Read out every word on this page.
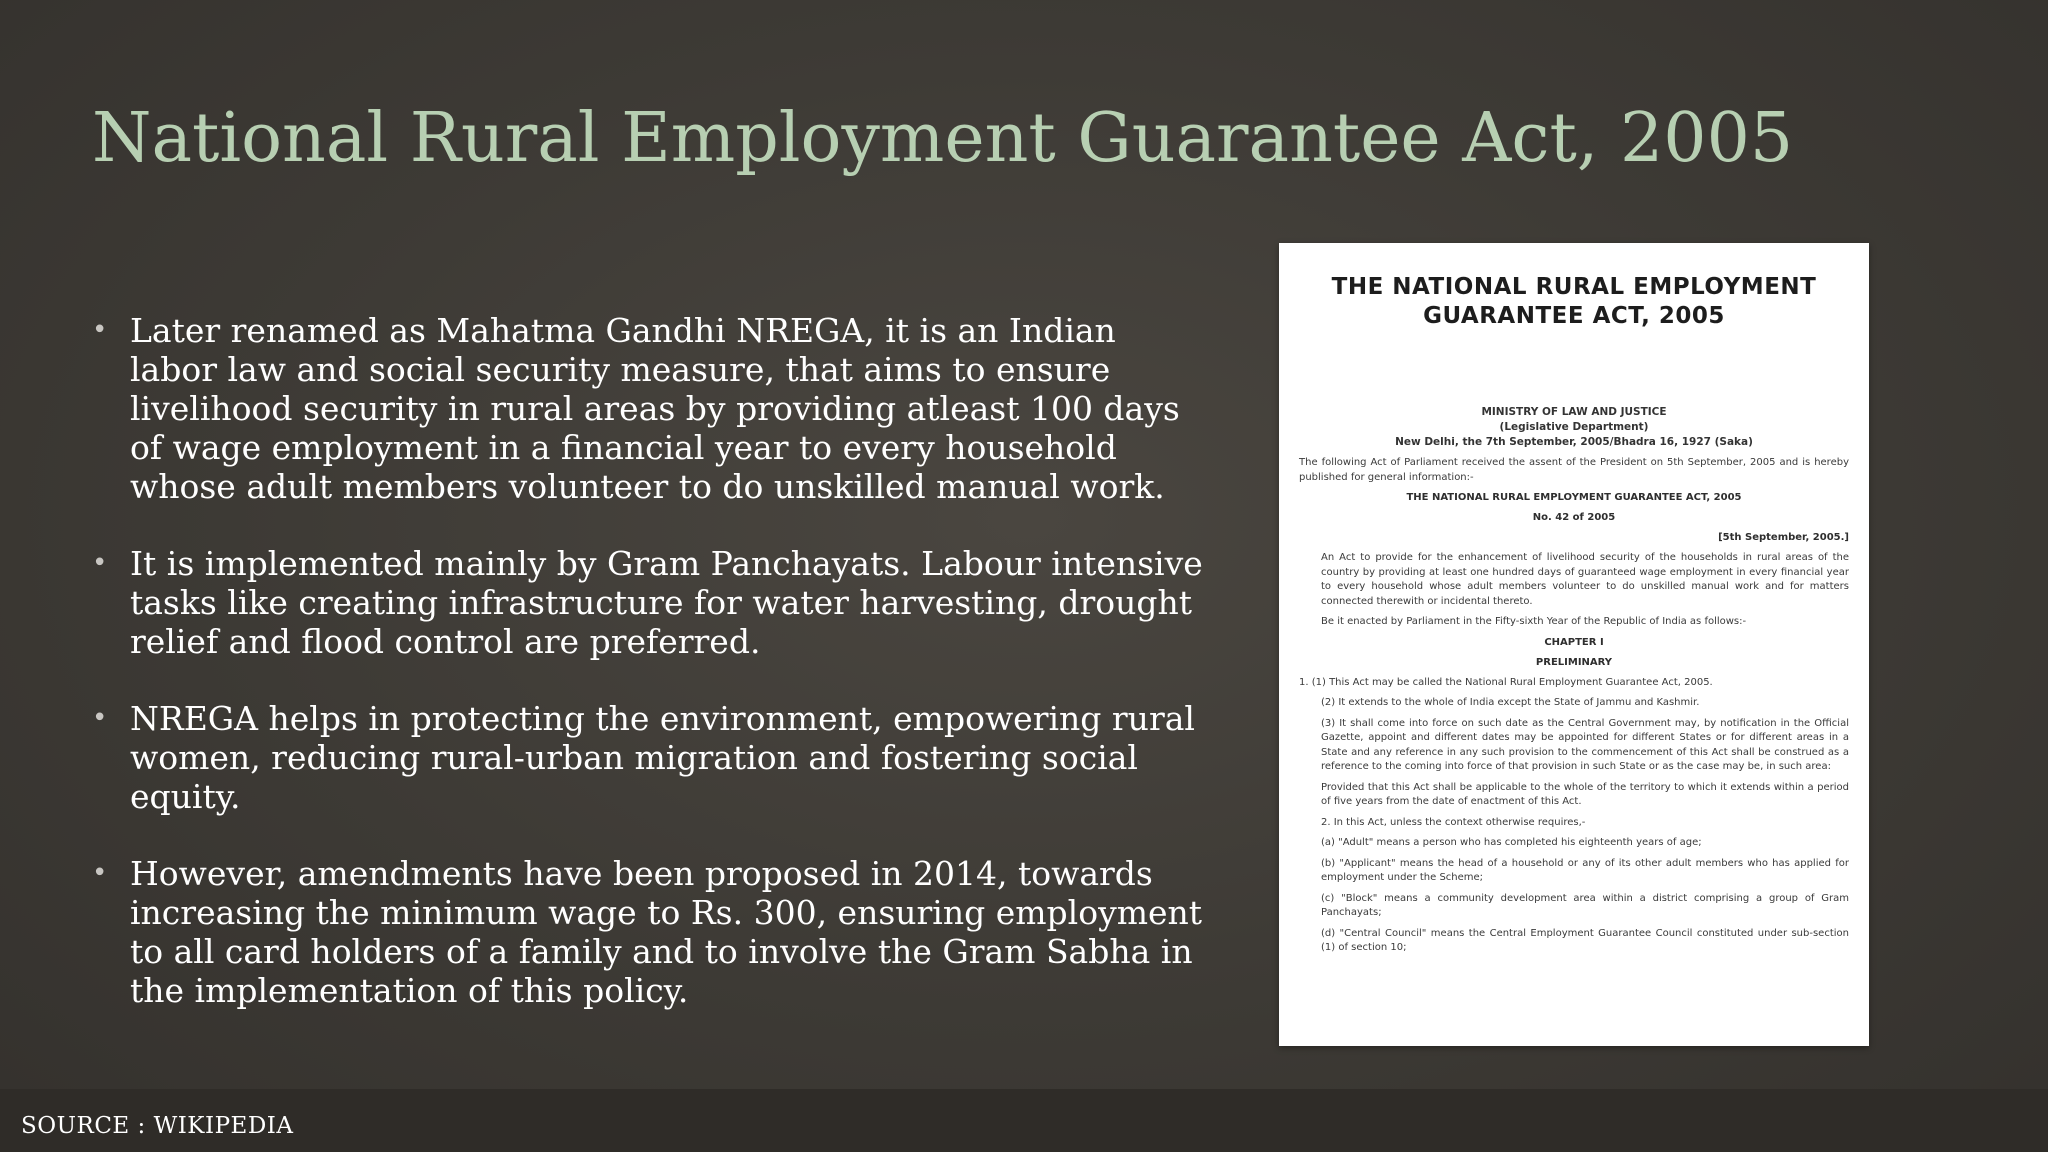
National Rural Employment Guarantee Act, 2005
• Later renamed as Mahatma Gandhi NREGA, it is an Indian labor law and social security measure, that aims to ensure livelihood security in rural areas by providing atleast 100 days of wage employment in a financial year to every household whose adult members volunteer to do unskilled manual work.
• It is implemented mainly by Gram Panchayats. Labour intensive tasks like creating infrastructure for water harvesting, drought relief and flood control are preferred.
• NREGA helps in protecting the environment, empowering rural women, reducing rural-urban migration and fostering social equity.
• However, amendments have been proposed in 2014, towards increasing the minimum wage to Rs. 300, ensuring employment to all card holders of a family and to involve the Gram Sabha in the implementation of this policy.
THE NATIONAL RURAL EMPLOYMENT GUARANTEE ACT, 2005
MINISTRY OF LAW AND JUSTICE
(Legislative Department)
New Delhi, the 7th September, 2005/Bhadra 16, 1927 (Saka)

The following Act of Parliament received the assent of the President on 5th September, 2005 and is hereby published for general information:-

THE NATIONAL RURAL EMPLOYMENT GUARANTEE ACT, 2005
No. 42 of 2005
[5th September, 2005.]

An Act to provide for the enhancement of livelihood security of the households in rural areas of the country by providing at least one hundred days of guaranteed wage employment in every financial year to every household whose adult members volunteer to do unskilled manual work and for matters connected therewith or incidental thereto.

Be it enacted by Parliament in the Fifty-sixth Year of the Republic of India as follows:-

CHAPTER I
PRELIMINARY

1. (1) This Act may be called the National Rural Employment Guarantee Act, 2005.

(2) It extends to the whole of India except the State of Jammu and Kashmir.

(3) It shall come into force on such date as the Central Government may, by notification in the Official Gazette, appoint and different dates may be appointed for different States or for different areas in a State and any reference in any such provision to the commencement of this Act shall be construed as a reference to the coming into force of that provision in such State or as the case may be, in such area:

Provided that this Act shall be applicable to the whole of the territory to which it extends within a period of five years from the date of enactment of this Act.

2. In this Act, unless the context otherwise requires,-

(a) "Adult" means a person who has completed his eighteenth years of age;

(b) "Applicant" means the head of a household or any of its other adult members who has applied for employment under the Scheme;

(c) "Block" means a community development area within a district comprising a group of Gram Panchayats;

(d) "Central Council" means the Central Employment Guarantee Council constituted under sub-section (1) of section 10;

SOURCE : WIKIPEDIA
